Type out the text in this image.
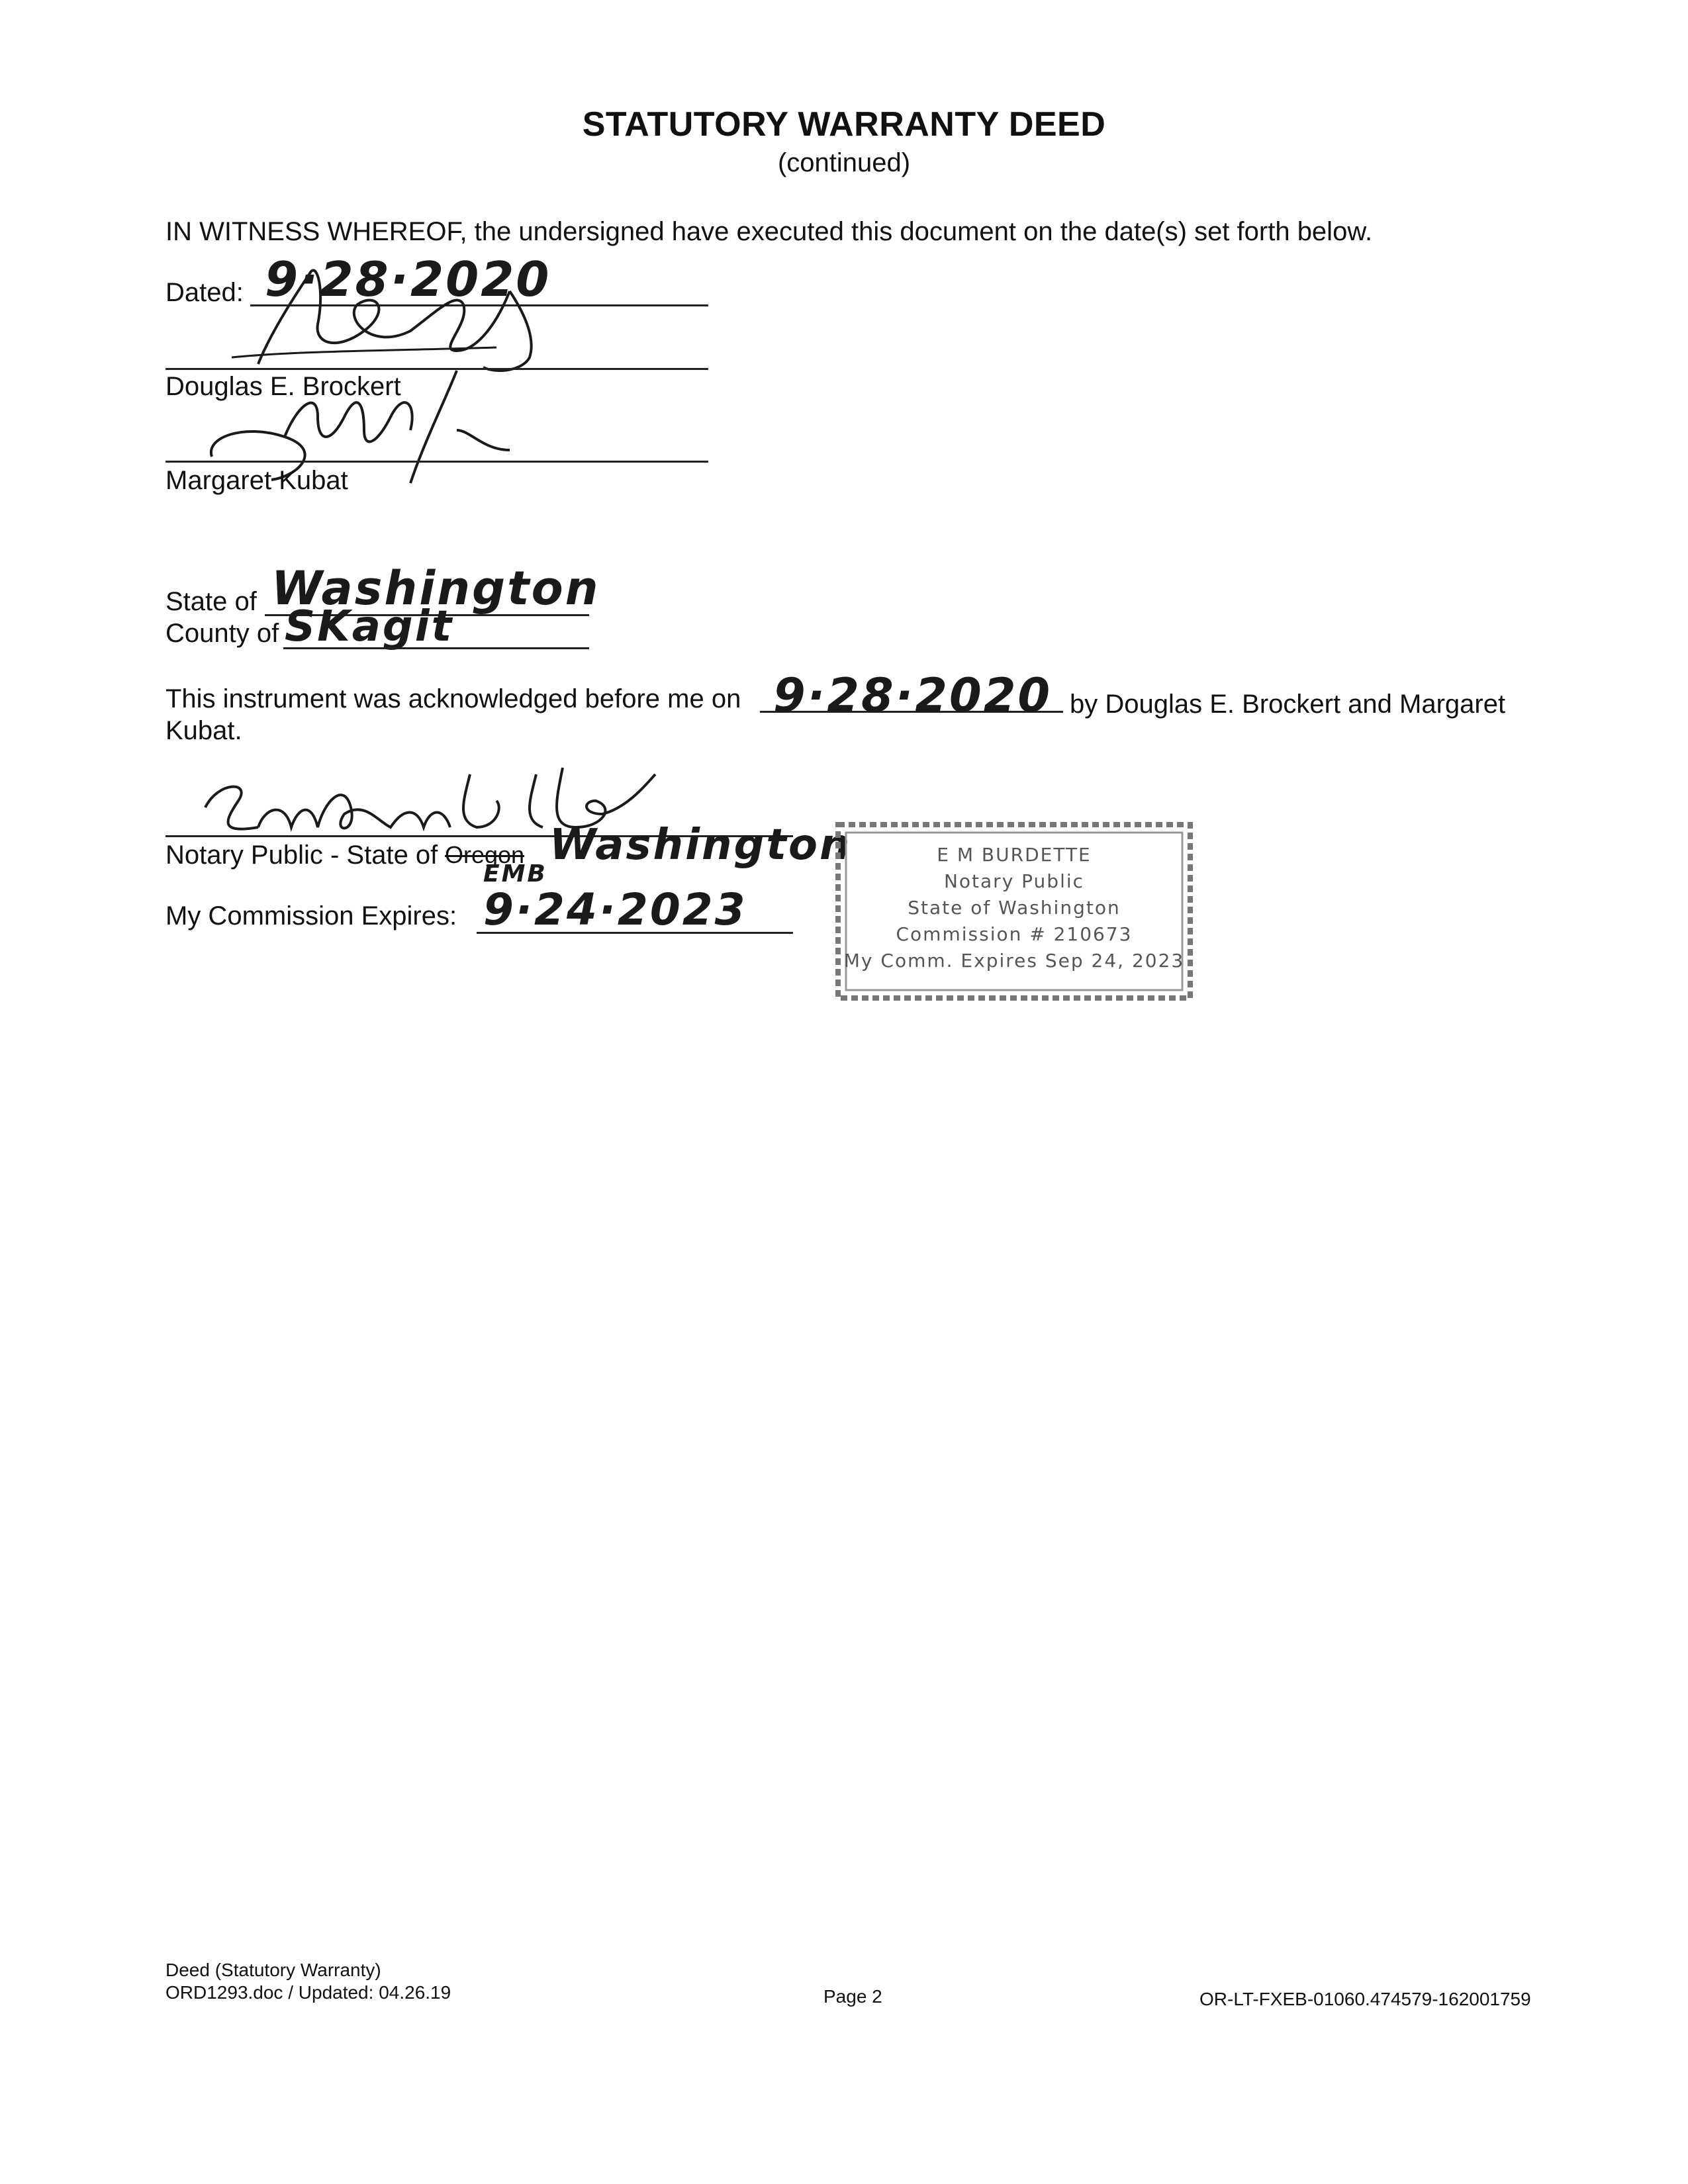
STATUTORY WARRANTY DEED
(continued)
IN WITNESS WHEREOF, the undersigned have executed this document on the date(s) set forth below.
Dated: 9·28·2020
Douglas E. Brockert
Margaret Kubat
State of Washington
County of SKagit
This instrument was acknowledged before me on 9·28·2020 by Douglas E. Brockert and Margaret
Kubat.
Notary Public - State of Oregon Washington
EMB
My Commission Expires: 9·24·2023
E M BURDETTE
Notary Public
State of Washington
Commission # 210673
My Comm. Expires Sep 24, 2023
Deed (Statutory Warranty)
ORD1293.doc / Updated: 04.26.19	Page 2	OR-LT-FXEB-01060.474579-162001759
